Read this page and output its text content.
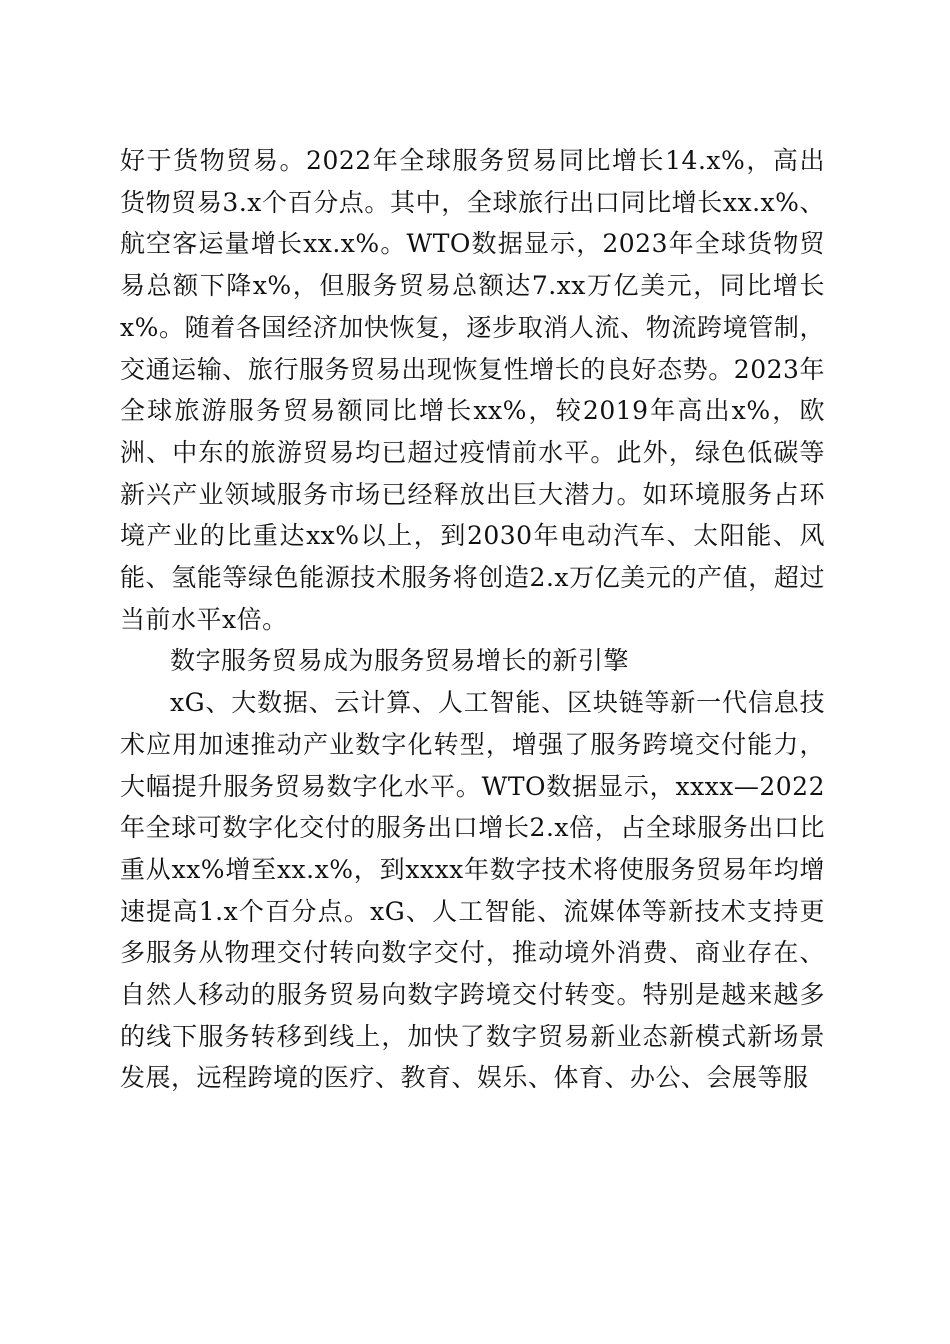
好于货物贸易。2022年全球服务贸易同比增长14.x%，高出货物贸易3.x个百分点。其中，全球旅行出口同比增长xx.x%、航空客运量增长xx.x%。WTO数据显示，2023年全球货物贸易总额下降x%，但服务贸易总额达7.xx万亿美元，同比增长x%。随着各国经济加快恢复，逐步取消人流、物流跨境管制，交通运输、旅行服务贸易出现恢复性增长的良好态势。2023年全球旅游服务贸易额同比增长xx%，较2019年高出x%，欧洲、中东的旅游贸易均已超过疫情前水平。此外，绿色低碳等新兴产业领域服务市场已经释放出巨大潜力。如环境服务占环境产业的比重达xx%以上，到2030年电动汽车、太阳能、风能、氢能等绿色能源技术服务将创造2.x万亿美元的产值，超过当前水平x倍。

数字服务贸易成为服务贸易增长的新引擎

xG、大数据、云计算、人工智能、区块链等新一代信息技术应用加速推动产业数字化转型，增强了服务跨境交付能力，大幅提升服务贸易数字化水平。WTO数据显示，xxxx—2022年全球可数字化交付的服务出口增长2.x倍，占全球服务出口比重从xx%增至xx.x%，到xxxx年数字技术将使服务贸易年均增速提高1.x个百分点。xG、人工智能、流媒体等新技术支持更多服务从物理交付转向数字交付，推动境外消费、商业存在、自然人移动的服务贸易向数字跨境交付转变。特别是越来越多的线下服务转移到线上，加快了数字贸易新业态新模式新场景发展，远程跨境的医疗、教育、娱乐、体育、办公、会展等服
